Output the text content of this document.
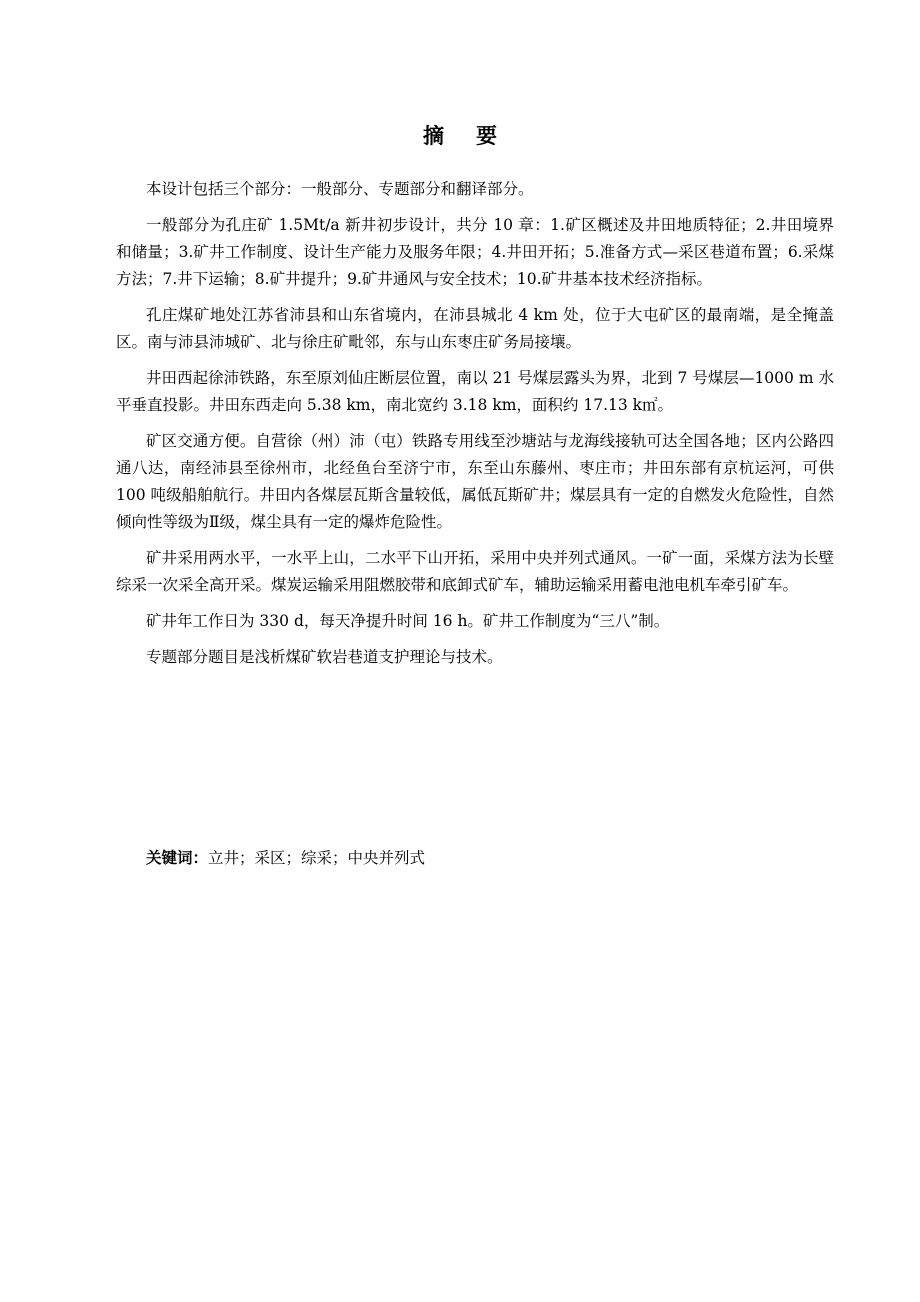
摘 要

本设计包括三个部分：一般部分、专题部分和翻译部分。

一般部分为孔庄矿 1.5Mt/a 新井初步设计，共分 10 章：1.矿区概述及井田地质特征；2.井田境界和储量；3.矿井工作制度、设计生产能力及服务年限；4.井田开拓；5.准备方式—采区巷道布置；6.采煤方法；7.井下运输；8.矿井提升；9.矿井通风与安全技术；10.矿井基本技术经济指标。

孔庄煤矿地处江苏省沛县和山东省境内，在沛县城北 4 km 处，位于大屯矿区的最南端，是全掩盖区。南与沛县沛城矿、北与徐庄矿毗邻，东与山东枣庄矿务局接壤。

井田西起徐沛铁路，东至原刘仙庄断层位置，南以 21 号煤层露头为界，北到 7 号煤层—1000 m 水平垂直投影。井田东西走向 5.38 km，南北宽约 3.18 km，面积约 17.13 k㎡。

矿区交通方便。自营徐（州）沛（屯）铁路专用线至沙塘站与龙海线接轨可达全国各地；区内公路四通八达，南经沛县至徐州市，北经鱼台至济宁市，东至山东藤州、枣庄市；井田东部有京杭运河，可供 100 吨级船舶航行。井田内各煤层瓦斯含量较低，属低瓦斯矿井；煤层具有一定的自燃发火危险性，自然倾向性等级为Ⅱ级，煤尘具有一定的爆炸危险性。

矿井采用两水平，一水平上山，二水平下山开拓，采用中央并列式通风。一矿一面，采煤方法为长壁综采一次采全高开采。煤炭运输采用阻燃胶带和底卸式矿车，辅助运输采用蓄电池电机车牵引矿车。

矿井年工作日为 330 d，每天净提升时间 16 h。矿井工作制度为“三八”制。

专题部分题目是浅析煤矿软岩巷道支护理论与技术。

关键词：立井；采区；综采；中央并列式
